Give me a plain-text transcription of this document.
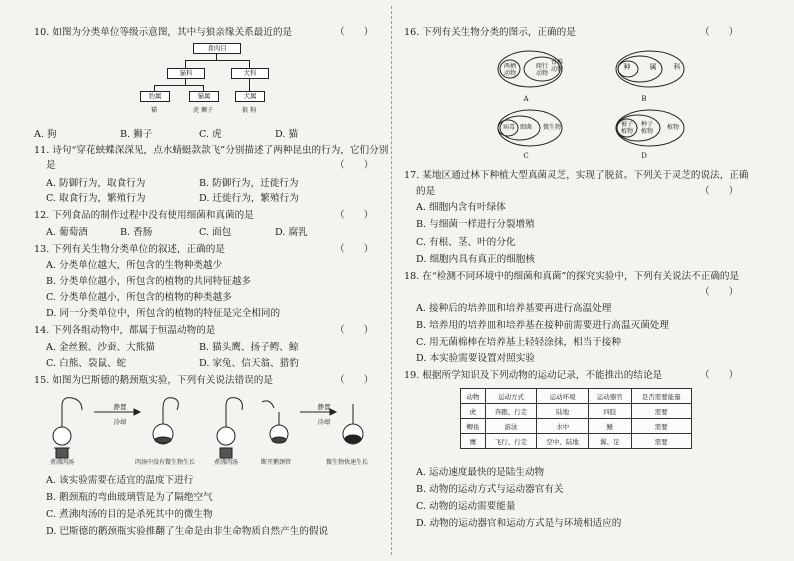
10. 如图为分类单位等级示意图，其中与狼亲缘关系最近的是	（　　）
食肉目
猫科	犬科
豹属	猫属	犬属
猫	虎 狮子	狼 狗
A. 狗	B. 狮子	C. 虎	D. 猫
11. 诗句“穿花蛱蝶深深见，点水蜻蜓款款飞”分别描述了两种昆虫的行为，它们分别
是	（　　）
A. 防御行为，取食行为	B. 防御行为，迁徙行为
C. 取食行为，繁殖行为	D. 迁徙行为，繁殖行为
12. 下列食品的制作过程中没有使用细菌和真菌的是	（　　）
A. 葡萄酒	B. 香肠	C. 面包	D. 腐乳
13. 下列有关生物分类单位的叙述，正确的是	（　　）
A. 分类单位越大，所包含的生物种类越少
B. 分类单位越小，所包含的植物的共同特征越多
C. 分类单位越小，所包含的植物的种类越多
D. 同一分类单位中，所包含的植物的特征是完全相同的
14. 下列各组动物中，都属于恒温动物的是	（　　）
A. 金丝猴、沙蚕、大熊猫	B. 猫头鹰、扬子鳄、鲸
C. 白熊、袋鼠、蛇	D. 家兔、信天翁、猎豹
15. 如图为巴斯德的鹅颈瓶实验，下列有关说法错误的是	（　　）
静置
冷却
煮沸肉汤	肉汤中没有微生物生长	煮沸肉汤	断开鹅颈管
静置
冷却
微生物快速生长
A. 该实验需要在适宜的温度下进行
B. 鹅颈瓶的弯曲玻璃管是为了隔绝空气
C. 煮沸肉汤的目的是杀死其中的微生物
D. 巴斯德的鹅颈瓶实验推翻了生命是由非生命物质自然产生的假说
16. 下列有关生物分类的图示，正确的是	（　　）
两栖
动物
爬行
动物
脊椎
动物
A
种	属	科
B
病毒 细菌	微生物
C
被子
植物
种子
植物
植物
D
17. 某地区通过林下种植大型真菌灵芝，实现了脱贫。下列关于灵芝的说法，正确
的是	（　　）
A. 细胞内含有叶绿体
B. 与细菌一样进行分裂增殖
C. 有根、茎、叶的分化
D. 细胞内具有真正的细胞核
18. 在“检测不同环境中的细菌和真菌”的探究实验中，下列有关说法不正确的是
（　　）
A. 接种后的培养皿和培养基要再进行高温处理
B. 培养用的培养皿和培养基在接种前需要进行高温灭菌处理
C. 用无菌棉棒在培养基上轻轻涂抹，相当于接种
D. 本实验需要设置对照实验
19. 根据所学知识及下列动物的运动记录，不能推出的结论是	（　　）
动物	运动方式	运动环境	运动器官	是否需要能量
虎	奔跑、行走	陆地	四肢	需要
鲫鱼	游泳	水中	鳍	需要
鹰	飞行、行走	空中、陆地	翼、足	需要
A. 运动速度最快的是陆生动物
B. 动物的运动方式与运动器官有关
C. 动物的运动需要能量
D. 动物的运动器官和运动方式是与环境相适应的
